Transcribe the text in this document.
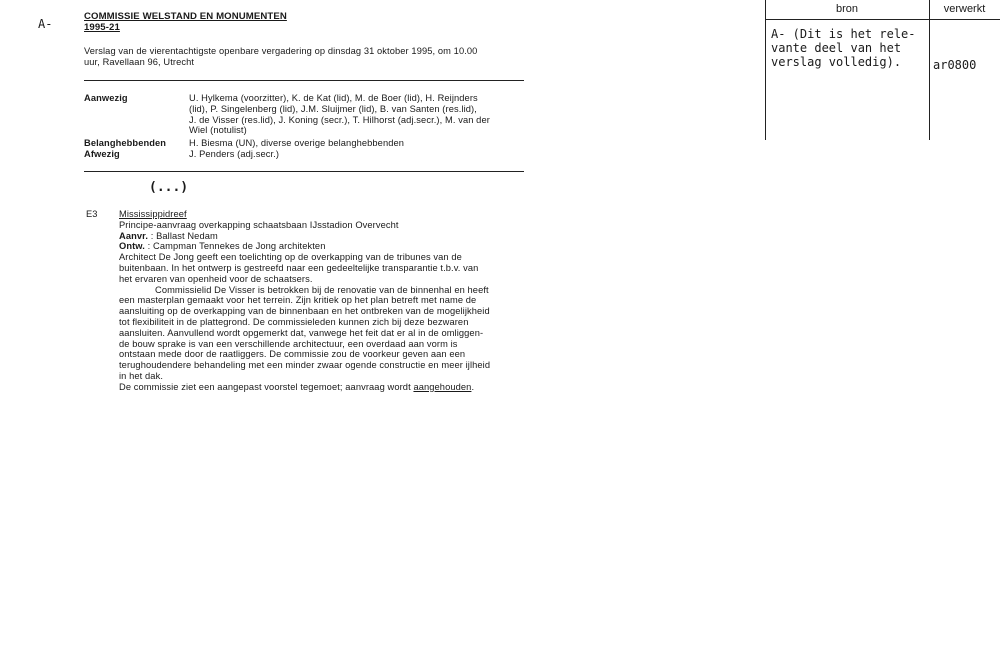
A-
COMMISSIE WELSTAND EN MONUMENTEN
1995-21
Verslag van de vierentachtigste openbare vergadering op dinsdag 31 oktober 1995, om 10.00
uur, Ravellaan 96, Utrecht
Aanwezig	U. Hylkema (voorzitter), K. de Kat (lid), M. de Boer (lid), H. Reijnders
(lid), P. Singelenberg (lid), J.M. Sluijmer (lid), B. van Santen (res.lid),
J. de Visser (res.lid), J. Koning (secr.), T. Hilhorst (adj.secr.), M. van der
Wiel (notulist)
Belanghebbenden H. Biesma (UN), diverse overige belanghebbenden
Afwezig	J. Penders (adj.secr.)
(...)
E3 Mississippidreef
Principe-aanvraag overkapping schaatsbaan IJsstadion Overvecht
Aanvr. : Ballast Nedam
Ontw. : Campman Tennekes de Jong architekten
Architect De Jong geeft een toelichting op de overkapping van de tribunes van de
buitenbaan. In het ontwerp is gestreefd naar een gedeeltelijke transparantie t.b.v. van
het ervaren van openheid voor de schaatsers.
Commissielid De Visser is betrokken bij de renovatie van de binnenhal en heeft
een masterplan gemaakt voor het terrein. Zijn kritiek op het plan betreft met name de
aansluiting op de overkapping van de binnenbaan en het ontbreken van de mogelijkheid
tot flexibiliteit in de plattegrond. De commissieleden kunnen zich bij deze bezwaren
aansluiten. Aanvullend wordt opgemerkt dat, vanwege het feit dat er al in de omliggen-
de bouw sprake is van een verschillende architectuur, een overdaad aan vorm is
ontstaan mede door de raatliggers. De commissie zou de voorkeur geven aan een
terughoudendere behandeling met een minder zwaar ogende constructie en meer ijlheid
in het dak.
De commissie ziet een aangepast voorstel tegemoet; aanvraag wordt aangehouden.
bron	verwerkt
A- (Dit is het rele-
vante deel van het
verslag volledig).	ar0800
